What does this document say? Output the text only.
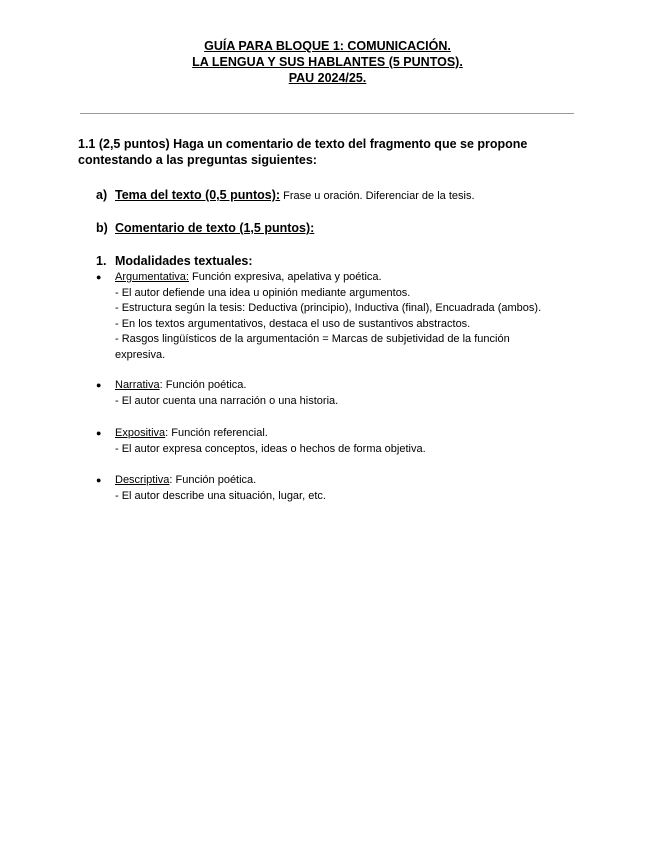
GUÍA PARA BLOQUE 1: COMUNICACIÓN.
LA LENGUA Y SUS HABLANTES (5 PUNTOS).
PAU 2024/25.
1.1 (2,5 puntos) Haga un comentario de texto del fragmento que se propone contestando a las preguntas siguientes:
a) Tema del texto (0,5 puntos): Frase u oración. Diferenciar de la tesis.
b) Comentario de texto (1,5 puntos):
1. Modalidades textuales:
● Argumentativa: Función expresiva, apelativa y poética.
- El autor defiende una idea u opinión mediante argumentos.
- Estructura según la tesis: Deductiva (principio), Inductiva (final), Encuadrada (ambos).
- En los textos argumentativos, destaca el uso de sustantivos abstractos.
- Rasgos lingüísticos de la argumentación = Marcas de subjetividad de la función
expresiva.
● Narrativa: Función poética.
- El autor cuenta una narración o una historia.
● Expositiva: Función referencial.
- El autor expresa conceptos, ideas o hechos de forma objetiva.
● Descriptiva: Función poética.
- El autor describe una situación, lugar, etc.
